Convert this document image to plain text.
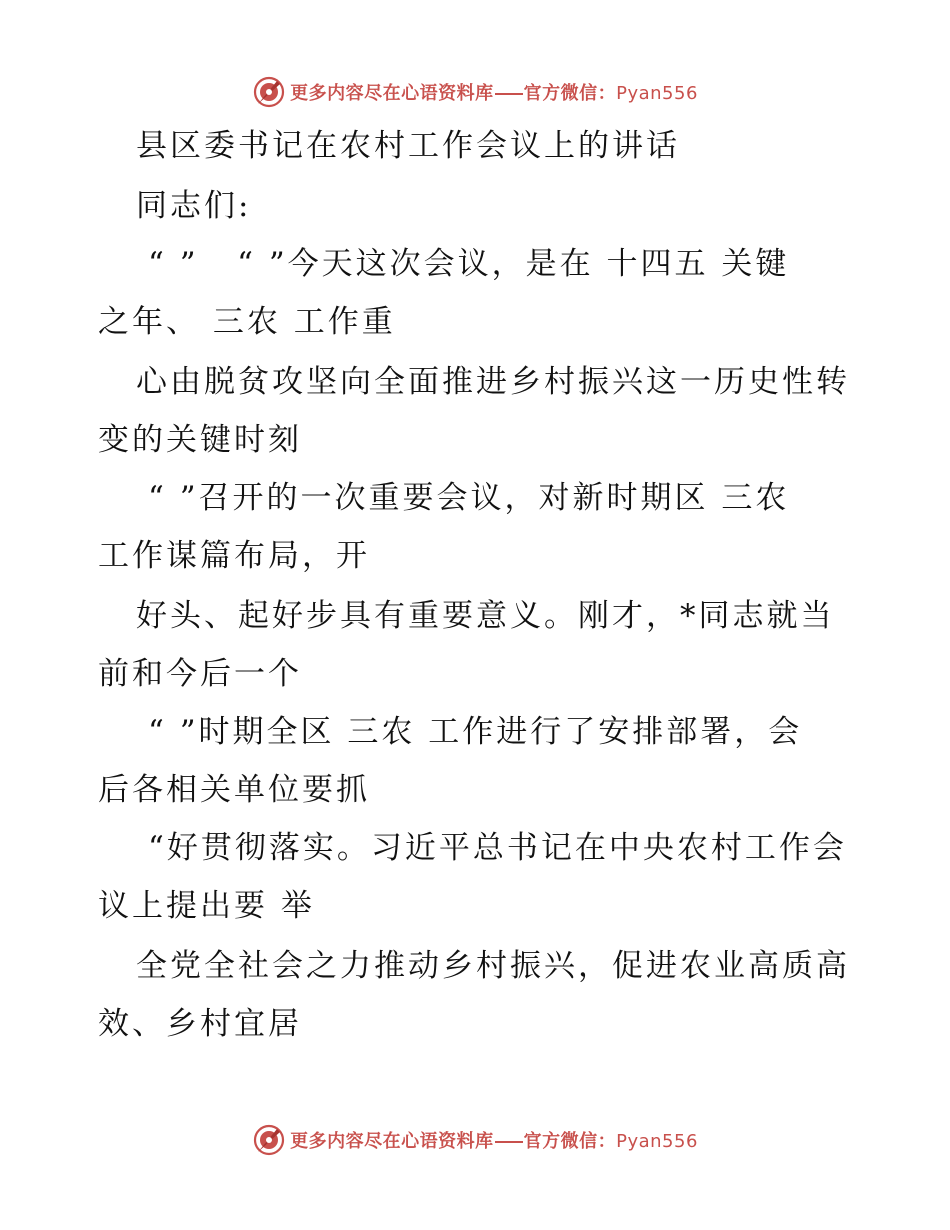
更多内容尽在心语资料库 官方微信：Pyan556
县区委书记在农村工作会议上的讲话
同志们:
“ ”   “ ”今天这次会议，是在 十四五 关键
之年、 三农 工作重
心由脱贫攻坚向全面推进乡村振兴这一历史性转
变的关键时刻
“ ”召开的一次重要会议，对新时期区 三农
工作谋篇布局，开
好头、起好步具有重要意义。刚才，*同志就当
前和今后一个
“ ”时期全区 三农 工作进行了安排部署，会
后各相关单位要抓
“好贯彻落实。习近平总书记在中央农村工作会
议上提出要 举
全党全社会之力推动乡村振兴，促进农业高质高
效、乡村宜居
更多内容尽在心语资料库 官方微信：Pyan556
